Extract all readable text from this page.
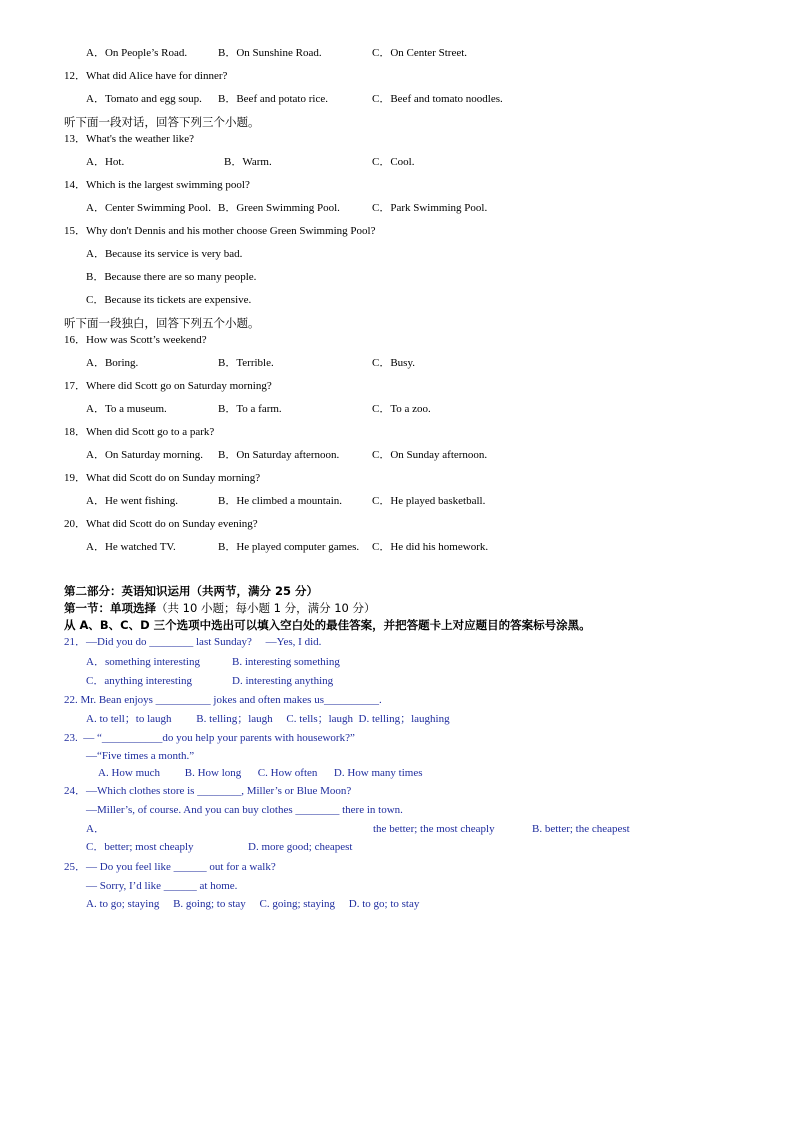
A．On People’s Road.	B．On Sunshine Road.	C．On Center Street.
12．What did Alice have for dinner?
A．Tomato and egg soup. B．Beef and potato rice.	C．Beef and tomato noodles.
听下面一段对话，回答下列三个小题。
13．What's the weather like?
A．Hot.	B．Warm.	C．Cool.
14．Which is the largest swimming pool?
A．Center Swimming Pool. B．Green Swimming Pool.	C．Park Swimming Pool.
15．Why don't Dennis and his mother choose Green Swimming Pool?
A．Because its service is very bad.
B．Because there are so many people.
C．Because its tickets are expensive.
听下面一段独白，回答下列五个小题。
16．How was Scott’s weekend?
A．Boring.	B．Terrible.	C．Busy.
17．Where did Scott go on Saturday morning?
A．To a museum.	B．To a farm.	C．To a zoo.
18．When did Scott go to a park?
A．On Saturday morning. B．On Saturday afternoon.	C．On Sunday afternoon.
19．What did Scott do on Sunday morning?
A．He went fishing.	B．He climbed a mountain.	C．He played basketball.
20．What did Scott do on Sunday evening?
A．He watched TV.	B．He played computer games. C．He did his homework.
第二部分：英语知识运用（共两节，满分 25 分）
第一节：单项选择（共 10 小题；每小题 1 分，满分 10 分）
从 A、B、C、D 三个选项中选出可以填入空白处的最佳答案，并把答题卡上对应题目的答案标号涂黑。
21．—Did you do ________ last Sunday?     —Yes, I did.
A．something interesting	B. interesting something
C．anything interesting	D. interesting anything
22. Mr. Bean enjoys __________ jokes and often makes us__________.
A. to tell；to laugh         B. telling；laugh     C. tells；laugh  D. telling；laughing
23.  — “___________do you help your parents with housework?”
—“Five times a month.”
A. How much         B. How long      C. How often      D. How many times
24．—Which clothes store is ________, Miller’s or Blue Moon?
—Miller’s, of course. And you can buy clothes ________ there in town.
A．	the better; the most cheaply	B. better; the cheapest
C．better; most cheaply	D. more good; cheapest
25．— Do you feel like ______ out for a walk?
— Sorry, I’d like ______ at home.
A. to go; staying     B. going; to stay     C. going; staying     D. to go; to stay
